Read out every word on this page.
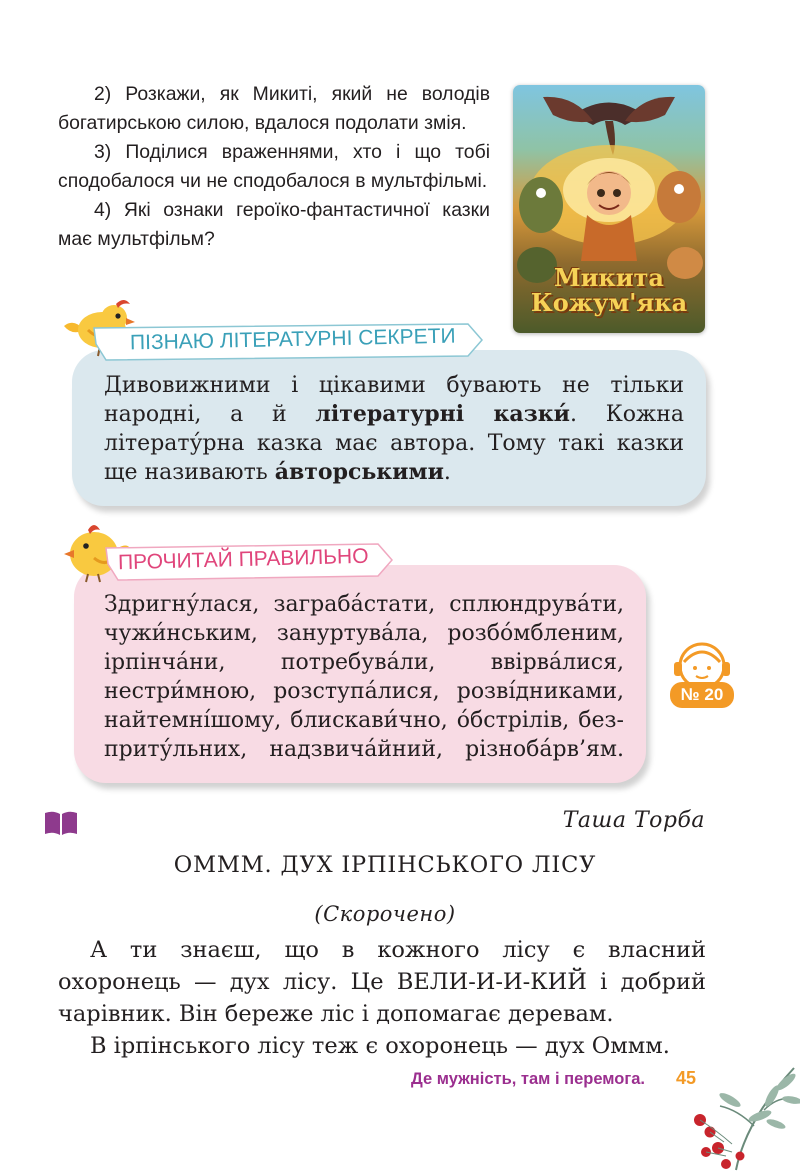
2) Розкажи, як Микиті, який не володів богатирською силою, вдалося подолати змія.

3) Поділися враженнями, хто і що тобі сподобалося чи не сподобалося в мультфільмі.

4) Які ознаки героїко-фантастичної казки має мультфільм?

Микита
Кожум'яка
ПІЗНАЮ ЛІТЕРАТУРНІ СЕКРЕТИ

Дивовижними і цікавими бувають не тільки народні, а й літературні казки́. Кожна літерату́рна казка має автора. Тому такі казки ще називають а́вторськими.

ПРОЧИТАЙ ПРАВИЛЬНО
Здригну́лася, заграба́стати, сплюндрува́ти,
чужи́нським, зануртува́ла, розбо́мбленим,
ірпінча́ни, потребува́ли, ввірва́лися,
нестри́мною, розступа́лися, розві́дниками,
найтемні́шому, блискави́чно, о́бстрілів, без-
приту́льних, надзвича́йний, різноба́рв’ям.
№ 20
Таша Торба
ОММM. ДУХ ІРПІНСЬКОГО ЛІСУ
(Скорочено)

А ти знаєш, що в кожного лісу є власний охоронець — дух лісу. Це ВЕЛИ-И-И-КИЙ і добрий чарівник. Він береже ліс і допомагає деревам.

В ірпінського лісу теж є охоронець — дух Оммм.

Де мужність, там і перемога. 45
